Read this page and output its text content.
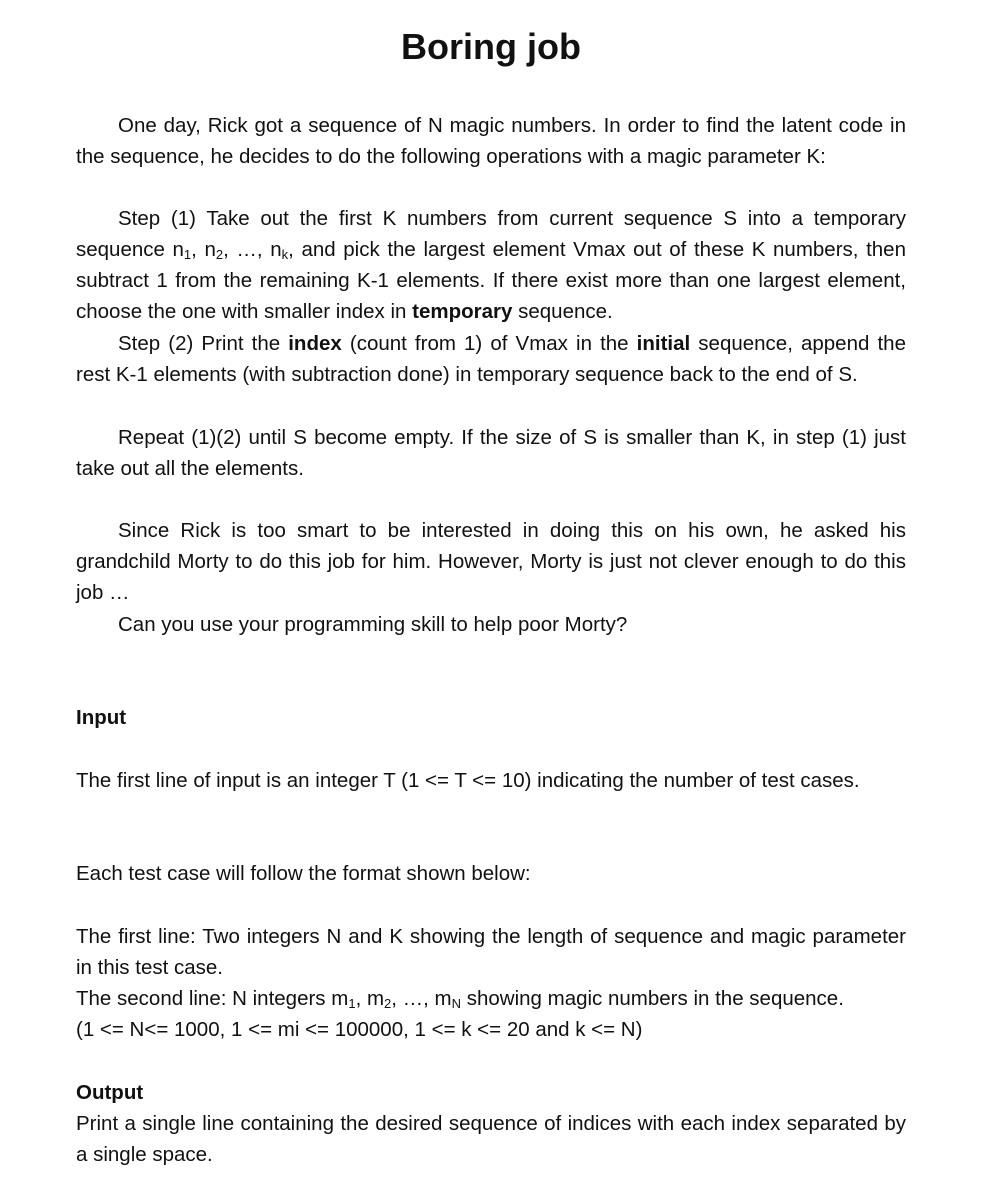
Boring job

One day, Rick got a sequence of N magic numbers. In order to find the latent code in the sequence, he decides to do the following operations with a magic parameter K:

Step (1) Take out the first K numbers from current sequence S into a temporary sequence $n_1$, $n_2$, …, $n_k$, and pick the largest element Vmax out of these K numbers, then subtract 1 from the remaining K-1 elements. If there exist more than one largest element, choose the one with smaller index in temporary sequence.

Step (2) Print the index (count from 1) of Vmax in the initial sequence, append the rest K-1 elements (with subtraction done) in temporary sequence back to the end of S.

Repeat (1)(2) until S become empty. If the size of S is smaller than K, in step (1) just take out all the elements.

Since Rick is too smart to be interested in doing this on his own, he asked his grandchild Morty to do this job for him. However, Morty is just not clever enough to do this job …

Can you use your programming skill to help poor Morty?

Input

The first line of input is an integer T (1 <= T <= 10) indicating the number of test cases.

Each test case will follow the format shown below:

The first line: Two integers N and K showing the length of sequence and magic parameter in this test case.

The second line: N integers $m_1$, $m_2$, …, $m_N$ showing magic numbers in the sequence.

(1 <= N<= 1000, 1 <= mi <= 100000, 1 <= k <= 20 and k <= N)

Output

Print a single line containing the desired sequence of indices with each index separated by a single space.
